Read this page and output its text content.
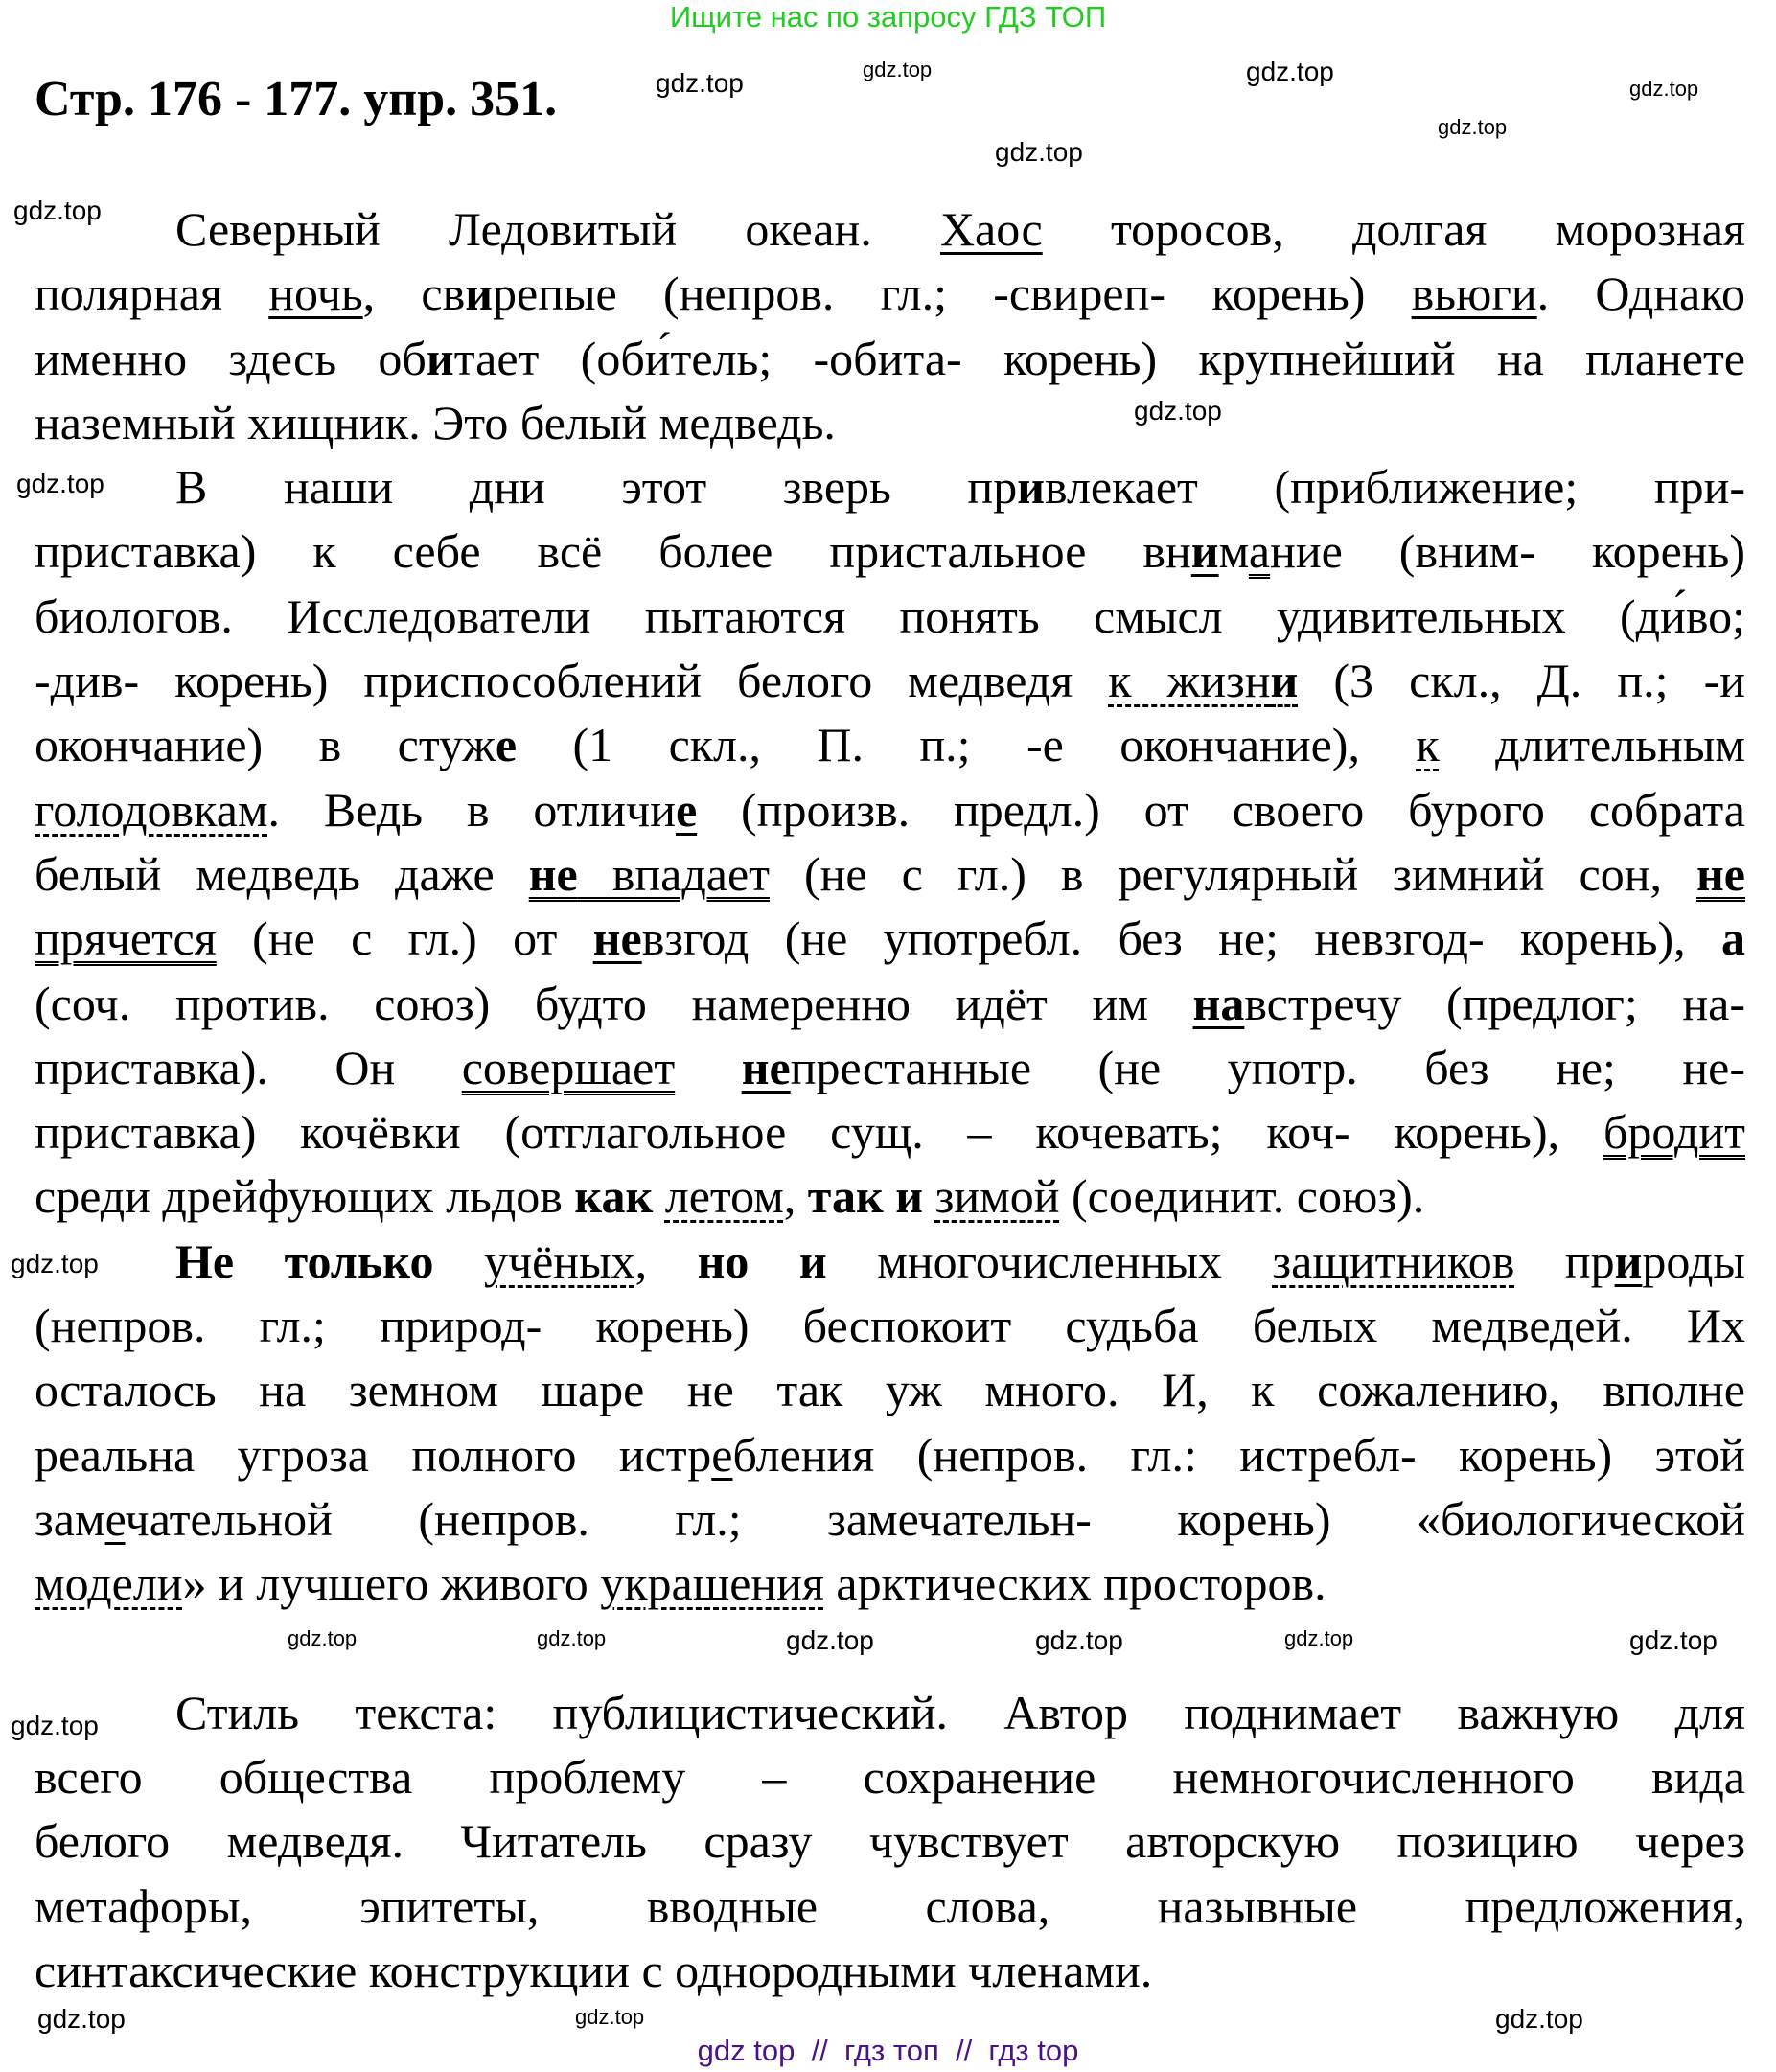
Ищите нас по запросу ГДЗ ТОП
Стр. 176 - 177. упр. 351.
Северный Ледовитый океан. Хаос торосов, долгая морозная
полярная ночь, свирепые (непров. гл.; -свиреп- корень) вьюги. Однако
именно здесь обитает (оби́тель; -обита- корень) крупнейший на планете
наземный хищник. Это белый медведь.
В наши дни этот зверь привлекает (приближение; при-
приставка) к себе всё более пристальное внимание (вним- корень)
биологов. Исследователи пытаются понять смысл удивительных (ди́во;
-див- корень) приспособлений белого медведя к жизни (3 скл., Д. п.; -и
окончание) в стуже (1 скл., П. п.; -е окончание), к длительным
голодовкам. Ведь в отличие (произв. предл.) от своего бурого собрата
белый медведь даже не впадает (не с гл.) в регулярный зимний сон, не
прячется (не с гл.) от невзгод (не употребл. без не; невзгод- корень), а
(соч. против. союз) будто намеренно идёт им навстречу (предлог; на-
приставка). Он совершает непрестанные (не употр. без не; не-
приставка) кочёвки (отглагольное сущ. – кочевать; коч- корень), бродит
среди дрейфующих льдов как летом, так и зимой (соединит. союз).
Не только учёных, но и многочисленных защитников природы
(непров. гл.; природ- корень) беспокоит судьба белых медведей. Их
осталось на земном шаре не так уж много. И, к сожалению, вполне
реальна угроза полного истребления (непров. гл.: истребл- корень) этой
замечательной (непров. гл.; замечательн- корень) «биологической
модели» и лучшего живого украшения арктических просторов.
Стиль текста: публицистический. Автор поднимает важную для
всего общества проблему – сохранение немногочисленного вида
белого медведя. Читатель сразу чувствует авторскую позицию через
метафоры, эпитеты, вводные слова, назывные предложения,
синтаксические конструкции с однородными членами.
gdz.top
gdz.top
gdz.top
gdz.top
gdz.top
gdz.top
gdz.top
gdz.top
gdz.top	gdz.top
gdz.top
gdz.top
gdz.top
gdz.top	gdz.top
gdz.top
gdz.top
gdz.top	gdz.top
gdz.top
gdz top  //  гдз топ  //  гдз top
